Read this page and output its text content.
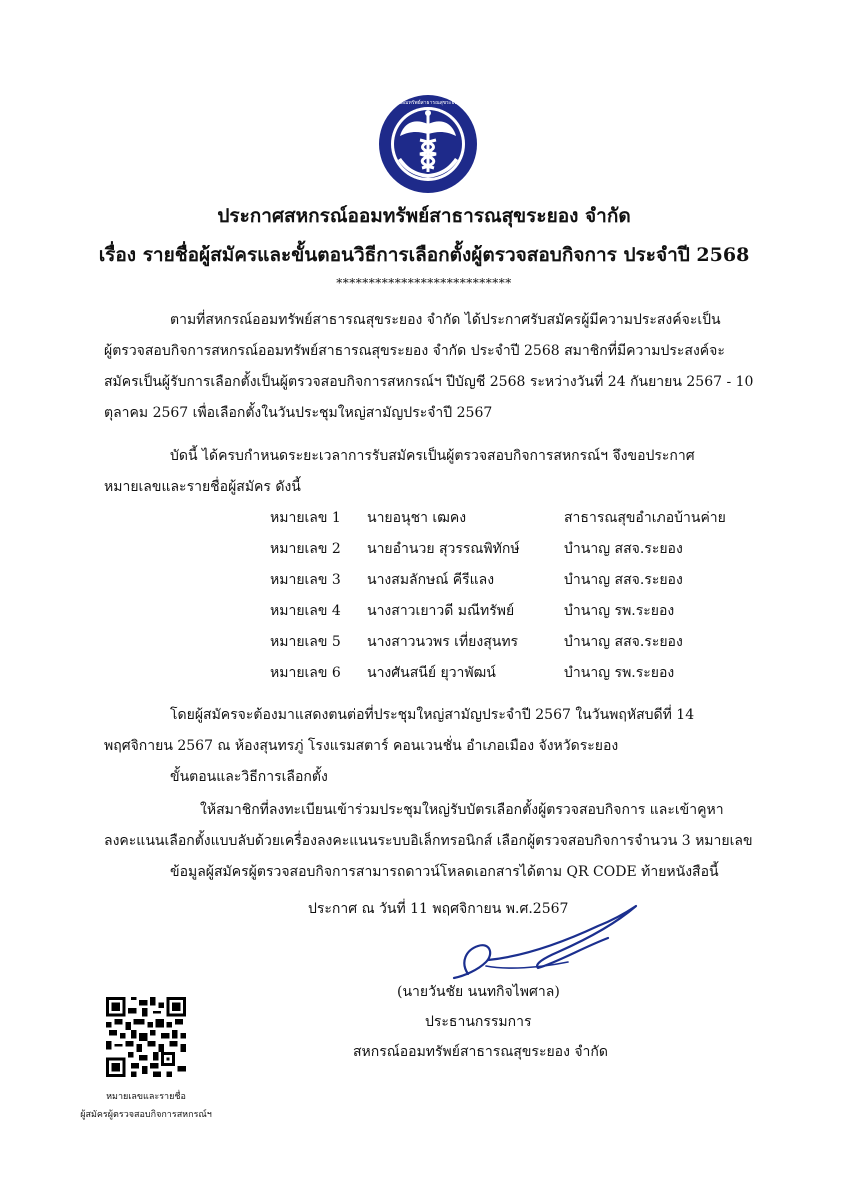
สหกรณ์ออมทรัพย์สาธารณสุขระยอง จำกัด
ประกาศสหกรณ์ออมทรัพย์สาธารณสุขระยอง จำกัด
เรื่อง รายชื่อผู้สมัครและขั้นตอนวิธีการเลือกตั้งผู้ตรวจสอบกิจการ ประจำปี 2568
***************************
ตามที่สหกรณ์ออมทรัพย์สาธารณสุขระยอง จำกัด ได้ประกาศรับสมัครผู้มีความประสงค์จะเป็น
ผู้ตรวจสอบกิจการสหกรณ์ออมทรัพย์สาธารณสุขระยอง จำกัด ประจำปี 2568 สมาชิกที่มีความประสงค์จะ
สมัครเป็นผู้รับการเลือกตั้งเป็นผู้ตรวจสอบกิจการสหกรณ์ฯ ปีบัญชี 2568 ระหว่างวันที่ 24 กันยายน 2567 - 10
ตุลาคม 2567 เพื่อเลือกตั้งในวันประชุมใหญ่สามัญประจำปี 2567
บัดนี้ ได้ครบกำหนดระยะเวลาการรับสมัครเป็นผู้ตรวจสอบกิจการสหกรณ์ฯ จึงขอประกาศ
หมายเลขและรายชื่อผู้สมัคร ดังนี้
หมายเลข 1 นายอนุชา เฒคง	สาธารณสุขอำเภอบ้านค่าย
หมายเลข 2 นายอำนวย สุวรรณพิทักษ์	บำนาญ สสจ.ระยอง
หมายเลข 3 นางสมลักษณ์ คีรีแลง	บำนาญ สสจ.ระยอง
หมายเลข 4 นางสาวเยาวดี มณีทรัพย์	บำนาญ รพ.ระยอง
หมายเลข 5 นางสาวนวพร เที่ยงสุนทร	บำนาญ สสจ.ระยอง
หมายเลข 6 นางศันสนีย์ ยุวาพัฒน์	บำนาญ รพ.ระยอง
โดยผู้สมัครจะต้องมาแสดงตนต่อที่ประชุมใหญ่สามัญประจำปี 2567 ในวันพฤหัสบดีที่ 14
พฤศจิกายน 2567 ณ ห้องสุนทรภู่ โรงแรมสตาร์ คอนเวนชั่น อำเภอเมือง จังหวัดระยอง
ขั้นตอนและวิธีการเลือกตั้ง
ให้สมาชิกที่ลงทะเบียนเข้าร่วมประชุมใหญ่รับบัตรเลือกตั้งผู้ตรวจสอบกิจการ และเข้าคูหา
ลงคะแนนเลือกตั้งแบบลับด้วยเครื่องลงคะแนนระบบอิเล็กทรอนิกส์ เลือกผู้ตรวจสอบกิจการจำนวน 3 หมายเลข
ข้อมูลผู้สมัครผู้ตรวจสอบกิจการสามารถดาวน์โหลดเอกสารได้ตาม QR CODE ท้ายหนังสือนี้
ประกาศ ณ วันที่ 11 พฤศจิกายน พ.ศ.2567
(นายวันชัย นนทกิจไพศาล)
ประธานกรรมการ
สหกรณ์ออมทรัพย์สาธารณสุขระยอง จำกัด
หมายเลขและรายชื่อ
ผู้สมัครผู้ตรวจสอบกิจการสหกรณ์ฯ
